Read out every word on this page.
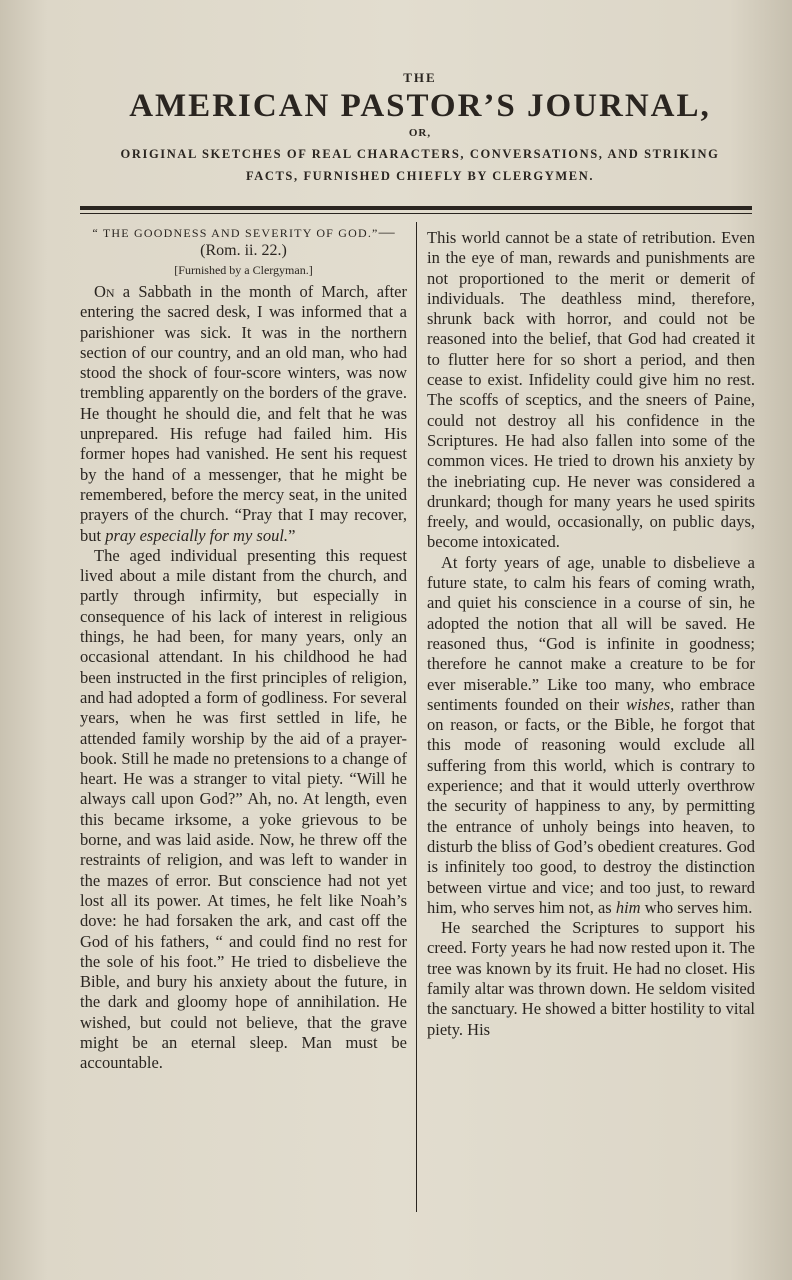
THE
AMERICAN PASTOR’S JOURNAL,
OR,
ORIGINAL SKETCHES OF REAL CHARACTERS, CONVERSATIONS, AND STRIKING
FACTS, FURNISHED CHIEFLY BY CLERGYMEN.
“ THE GOODNESS AND SEVERITY OF GOD.”—(Rom. ii. 22.)
[Furnished by a Clergyman.]

On a Sabbath in the month of March, after entering the sacred desk, I was informed that a parishioner was sick. It was in the northern section of our country, and an old man, who had stood the shock of four-score winters, was now trembling apparently on the borders of the grave. He thought he should die, and felt that he was unprepared. His refuge had failed him. His former hopes had vanished. He sent his request by the hand of a messenger, that he might be remembered, before the mercy seat, in the united prayers of the church. “Pray that I may recover, but pray especially for my soul.”

The aged individual presenting this request lived about a mile distant from the church, and partly through infirmity, but especially in consequence of his lack of interest in religious things, he had been, for many years, only an occasional attendant. In his childhood he had been instructed in the first principles of religion, and had adopted a form of godliness. For several years, when he was first settled in life, he attended family worship by the aid of a prayer-book. Still he made no pretensions to a change of heart. He was a stranger to vital piety. “Will he always call upon God?” Ah, no. At length, even this became irksome, a yoke grievous to be borne, and was laid aside. Now, he threw off the restraints of religion, and was left to wander in the mazes of error. But conscience had not yet lost all its power. At times, he felt like Noah’s dove: he had forsaken the ark, and cast off the God of his fathers, “ and could find no rest for the sole of his foot.” He tried to disbelieve the Bible, and bury his anxiety about the future, in the dark and gloomy hope of annihilation. He wished, but could not believe, that the grave might be an eternal sleep. Man must be accountable.

This world cannot be a state of retribution. Even in the eye of man, rewards and punishments are not proportioned to the merit or demerit of individuals. The deathless mind, therefore, shrunk back with horror, and could not be reasoned into the belief, that God had created it to flutter here for so short a period, and then cease to exist. Infidelity could give him no rest. The scoffs of sceptics, and the sneers of Paine, could not destroy all his confidence in the Scriptures. He had also fallen into some of the common vices. He tried to drown his anxiety by the inebriating cup. He never was considered a drunkard; though for many years he used spirits freely, and would, occasionally, on public days, become intoxicated.

At forty years of age, unable to disbelieve a future state, to calm his fears of coming wrath, and quiet his conscience in a course of sin, he adopted the notion that all will be saved. He reasoned thus, “God is infinite in goodness; therefore he cannot make a creature to be for ever miserable.” Like too many, who embrace sentiments founded on their wishes, rather than on reason, or facts, or the Bible, he forgot that this mode of reasoning would exclude all suffering from this world, which is contrary to experience; and that it would utterly overthrow the security of happiness to any, by permitting the entrance of unholy beings into heaven, to disturb the bliss of God’s obedient creatures. God is infinitely too good, to destroy the distinction between virtue and vice; and too just, to reward him, who serves him not, as him who serves him.

He searched the Scriptures to support his creed. Forty years he had now rested upon it. The tree was known by its fruit. He had no closet. His family altar was thrown down. He seldom visited the sanctuary. He showed a bitter hostility to vital piety. His
